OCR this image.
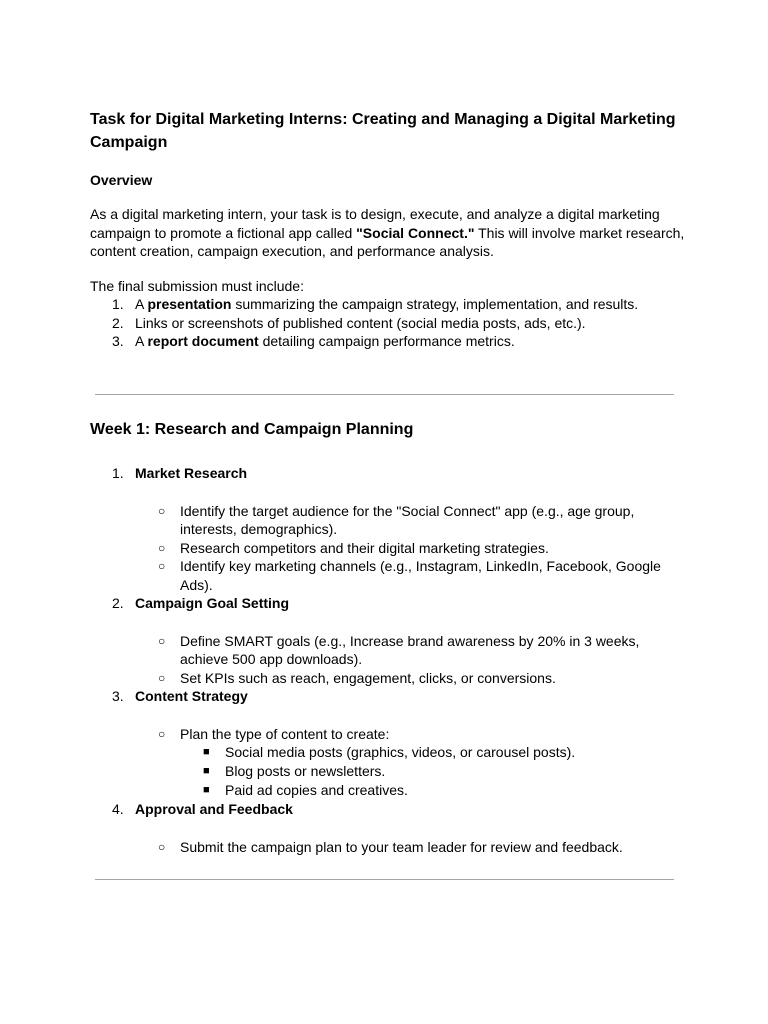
Task for Digital Marketing Interns: Creating and Managing a Digital Marketing Campaign
Overview

As a digital marketing intern, your task is to design, execute, and analyze a digital marketing campaign to promote a fictional app called "Social Connect." This will involve market research, content creation, campaign execution, and performance analysis.

The final submission must include:

1. A presentation summarizing the campaign strategy, implementation, and results.
2. Links or screenshots of published content (social media posts, ads, etc.).
3. A report document detailing campaign performance metrics.
Week 1: Research and Campaign Planning
1. Market Research
○ Identify the target audience for the "Social Connect" app (e.g., age group, interests, demographics).
○ Research competitors and their digital marketing strategies.
○ Identify key marketing channels (e.g., Instagram, LinkedIn, Facebook, Google Ads).
2. Campaign Goal Setting
○ Define SMART goals (e.g., Increase brand awareness by 20% in 3 weeks, achieve 500 app downloads).
○ Set KPIs such as reach, engagement, clicks, or conversions.
3. Content Strategy
○ Plan the type of content to create:
■ Social media posts (graphics, videos, or carousel posts).
■ Blog posts or newsletters.
■ Paid ad copies and creatives.
4. Approval and Feedback
○ Submit the campaign plan to your team leader for review and feedback.
